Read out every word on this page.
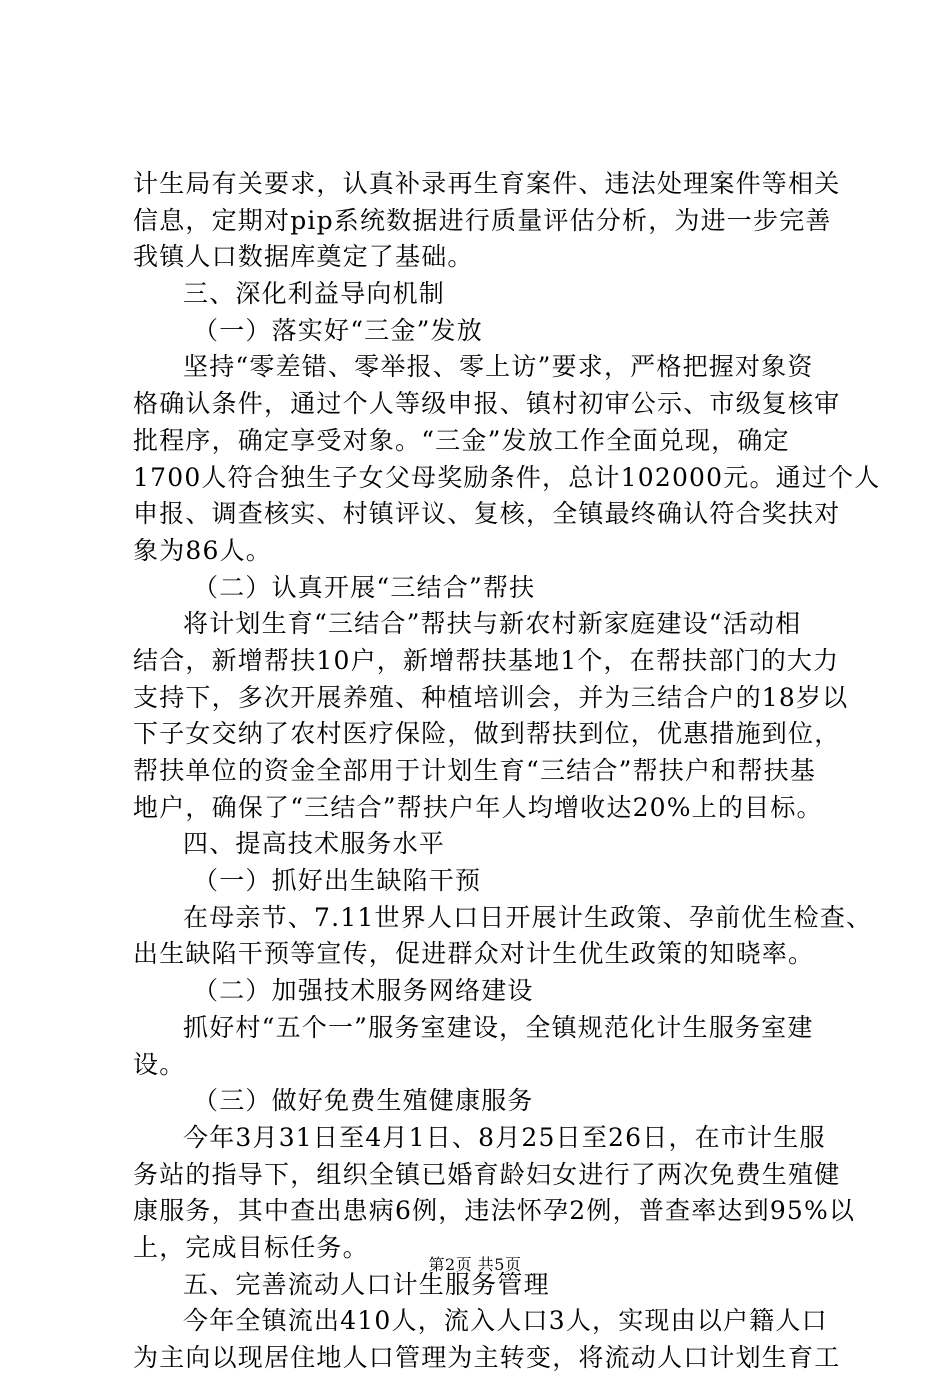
计生局有关要求，认真补录再生育案件、违法处理案件等相关
信息，定期对pip系统数据进行质量评估分析，为进一步完善
我镇人口数据库奠定了基础。
三、深化利益导向机制
（一）落实好“三金”发放
坚持“零差错、零举报、零上访”要求，严格把握对象资
格确认条件，通过个人等级申报、镇村初审公示、市级复核审
批程序，确定享受对象。“三金”发放工作全面兑现，确定
1700人符合独生子女父母奖励条件，总计102000元。通过个人
申报、调查核实、村镇评议、复核，全镇最终确认符合奖扶对
象为86人。
（二）认真开展“三结合”帮扶
将计划生育“三结合”帮扶与新农村新家庭建设“活动相
结合，新增帮扶10户，新增帮扶基地1个，在帮扶部门的大力
支持下，多次开展养殖、种植培训会，并为三结合户的18岁以
下子女交纳了农村医疗保险，做到帮扶到位，优惠措施到位，
帮扶单位的资金全部用于计划生育“三结合”帮扶户和帮扶基
地户，确保了“三结合”帮扶户年人均增收达20%上的目标。
四、提高技术服务水平
（一）抓好出生缺陷干预
在母亲节、7.11世界人口日开展计生政策、孕前优生检查、
出生缺陷干预等宣传，促进群众对计生优生政策的知晓率。
（二）加强技术服务网络建设
抓好村“五个一”服务室建设，全镇规范化计生服务室建
设。
（三）做好免费生殖健康服务
今年3月31日至4月1日、8月25日至26日，在市计生服
务站的指导下，组织全镇已婚育龄妇女进行了两次免费生殖健
康服务，其中查出患病6例，违法怀孕2例，普查率达到95%以
上，完成目标任务。
五、完善流动人口计生服务管理
今年全镇流出410人，流入人口3人，实现由以户籍人口
为主向以现居住地人口管理为主转变，将流动人口计划生育工
第2页 共5页
